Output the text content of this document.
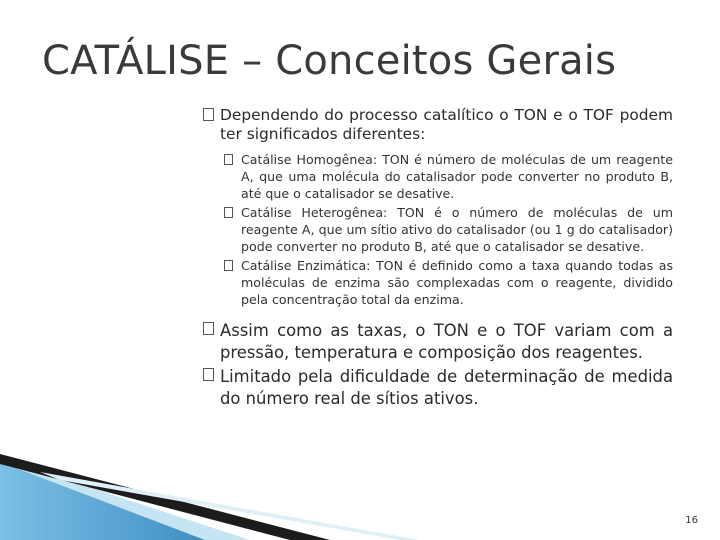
CATÁLISE – Conceitos Gerais
Dependendo do processo catalítico o TON e o TOF podem ter significados diferentes:
Catálise Homogênea: TON é número de moléculas de um reagente A, que uma molécula do catalisador pode converter no produto B, até que o catalisador se desative.
Catálise Heterogênea: TON é o número de moléculas de um reagente A, que um sítio ativo do catalisador (ou 1 g do catalisador) pode converter no produto B, até que o catalisador se desative.
Catálise Enzimática: TON é definido como a taxa quando todas as moléculas de enzima são complexadas com o reagente, dividido pela concentração total da enzima.
Assim como as taxas, o TON e o TOF variam com a pressão, temperatura e composição dos reagentes.
Limitado pela dificuldade de determinação de medida do número real de sítios ativos.
16
